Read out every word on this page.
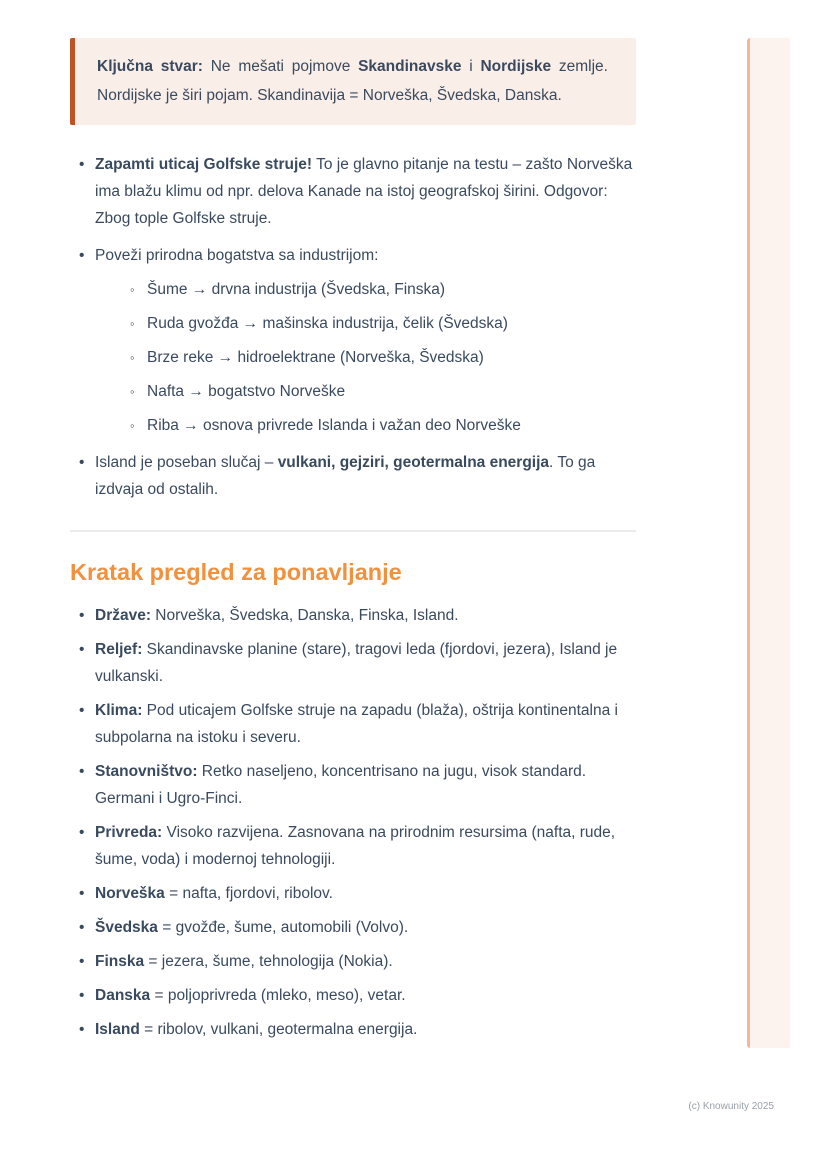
Ključna stvar: Ne mešati pojmove Skandinavske i Nordijske zemlje. Nordijske je širi pojam. Skandinavija = Norveška, Švedska, Danska.

• Zapamti uticaj Golfske struje! To je glavno pitanje na testu – zašto Norveška ima blažu klimu od npr. delova Kanade na istoj geografskoj širini. Odgovor: Zbog tople Golfske struje.
• Poveži prirodna bogatstva sa industrijom:
◦ Šume → drvna industrija (Švedska, Finska)
◦ Ruda gvožđa → mašinska industrija, čelik (Švedska)
◦ Brze reke → hidroelektrane (Norveška, Švedska)
◦ Nafta → bogatstvo Norveške
◦ Riba → osnova privrede Islanda i važan deo Norveške
• Island je poseban slučaj – vulkani, gejziri, geotermalna energija. To ga izdvaja od ostalih.
Kratak pregled za ponavljanje
• Države: Norveška, Švedska, Danska, Finska, Island.
• Reljef: Skandinavske planine (stare), tragovi leda (fjordovi, jezera), Island je vulkanski.
• Klima: Pod uticajem Golfske struje na zapadu (blaža), oštrija kontinentalna i subpolarna na istoku i severu.
• Stanovništvo: Retko naseljeno, koncentrisano na jugu, visok standard. Germani i Ugro-Finci.
• Privreda: Visoko razvijena. Zasnovana na prirodnim resursima (nafta, rude, šume, voda) i modernoj tehnologiji.
• Norveška = nafta, fjordovi, ribolov.
• Švedska = gvožđe, šume, automobili (Volvo).
• Finska = jezera, šume, tehnologija (Nokia).
• Danska = poljoprivreda (mleko, meso), vetar.
• Island = ribolov, vulkani, geotermalna energija.
(c) Knowunity 2025
